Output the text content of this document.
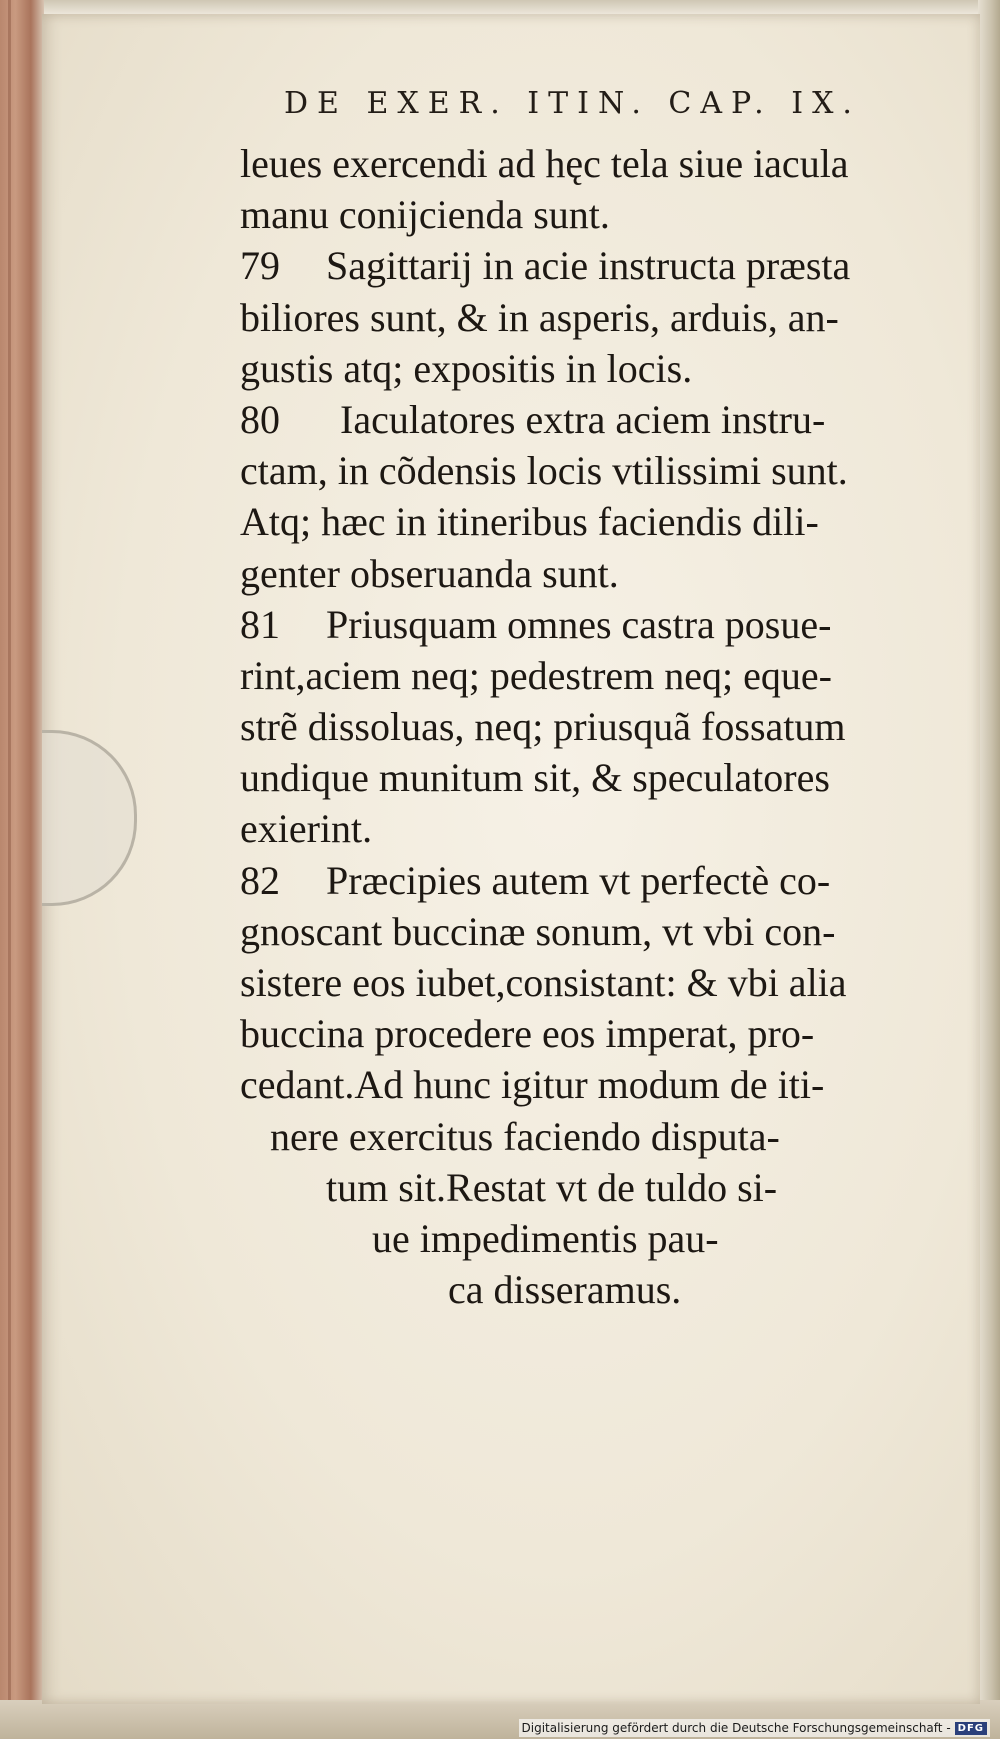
DE EXER. ITIN. CAP. IX.
leues exercendi ad hęc tela siue iacula
manu conijcienda sunt.
79 Sagittarij in acie instructa præsta
biliores sunt, & in asperis, arduis, an-
gustis atq; expositis in locis.
80 Iaculatores extra aciem instru-
ctam, in cõdensis locis vtilissimi sunt.
Atq; hæc in itineribus faciendis dili-
genter obseruanda sunt.
81 Priusquam omnes castra posue-
rint,aciem neq; pedestrem neq; eque-
strẽ dissoluas, neq; priusquã fossatum
undique munitum sit, & speculatores
exierint.
82 Præcipies autem vt perfectè co-
gnoscant buccinæ sonum, vt vbi con-
sistere eos iubet,consistant: & vbi alia
buccina procedere eos imperat, pro-
cedant.Ad hunc igitur modum de iti-
nere exercitus faciendo disputa-
tum sit.Restat vt de tuldo si-
ue impedimentis pau-
ca disseramus.
Digitalisierung gefördert durch die Deutsche Forschungsgemeinschaft - DFG
